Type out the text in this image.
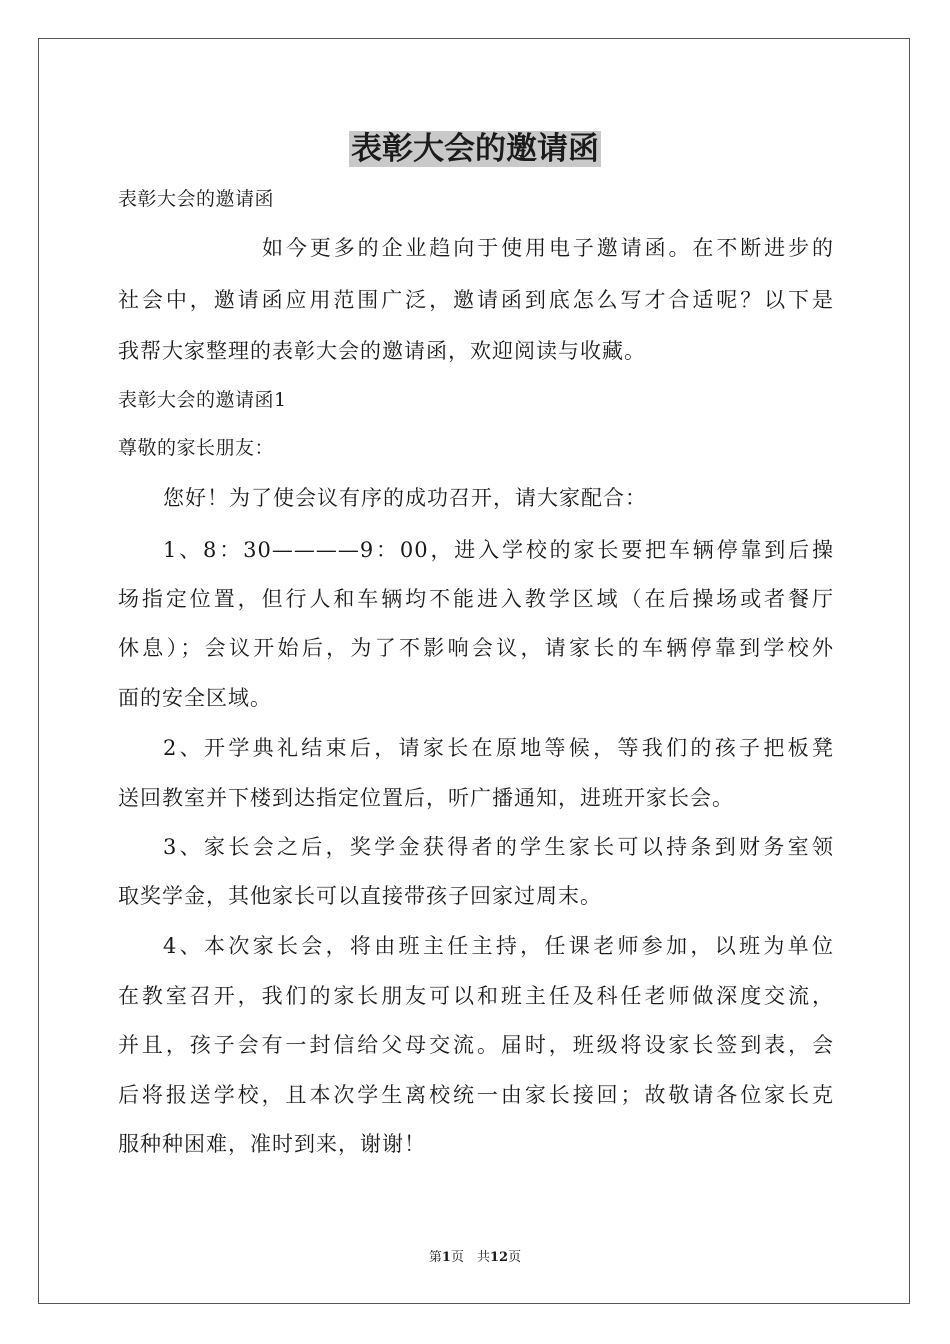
表彰大会的邀请函
表彰大会的邀请函
如今更多的企业趋向于使用电子邀请函。在不断进步的
社会中，邀请函应用范围广泛，邀请函到底怎么写才合适呢？以下是
我帮大家整理的表彰大会的邀请函，欢迎阅读与收藏。
表彰大会的邀请函1
尊敬的家长朋友：
您好！为了使会议有序的成功召开，请大家配合：
1、8：30————9：00，进入学校的家长要把车辆停靠到后操
场指定位置，但行人和车辆均不能进入教学区域（在后操场或者餐厅
休息）；会议开始后，为了不影响会议，请家长的车辆停靠到学校外
面的安全区域。
2、开学典礼结束后，请家长在原地等候，等我们的孩子把板凳
送回教室并下楼到达指定位置后，听广播通知，进班开家长会。
3、家长会之后，奖学金获得者的学生家长可以持条到财务室领
取奖学金，其他家长可以直接带孩子回家过周末。
4、本次家长会，将由班主任主持，任课老师参加，以班为单位
在教室召开，我们的家长朋友可以和班主任及科任老师做深度交流，
并且，孩子会有一封信给父母交流。届时，班级将设家长签到表，会
后将报送学校，且本次学生离校统一由家长接回；故敬请各位家长克
服种种困难，准时到来，谢谢！
第1页　共12页
